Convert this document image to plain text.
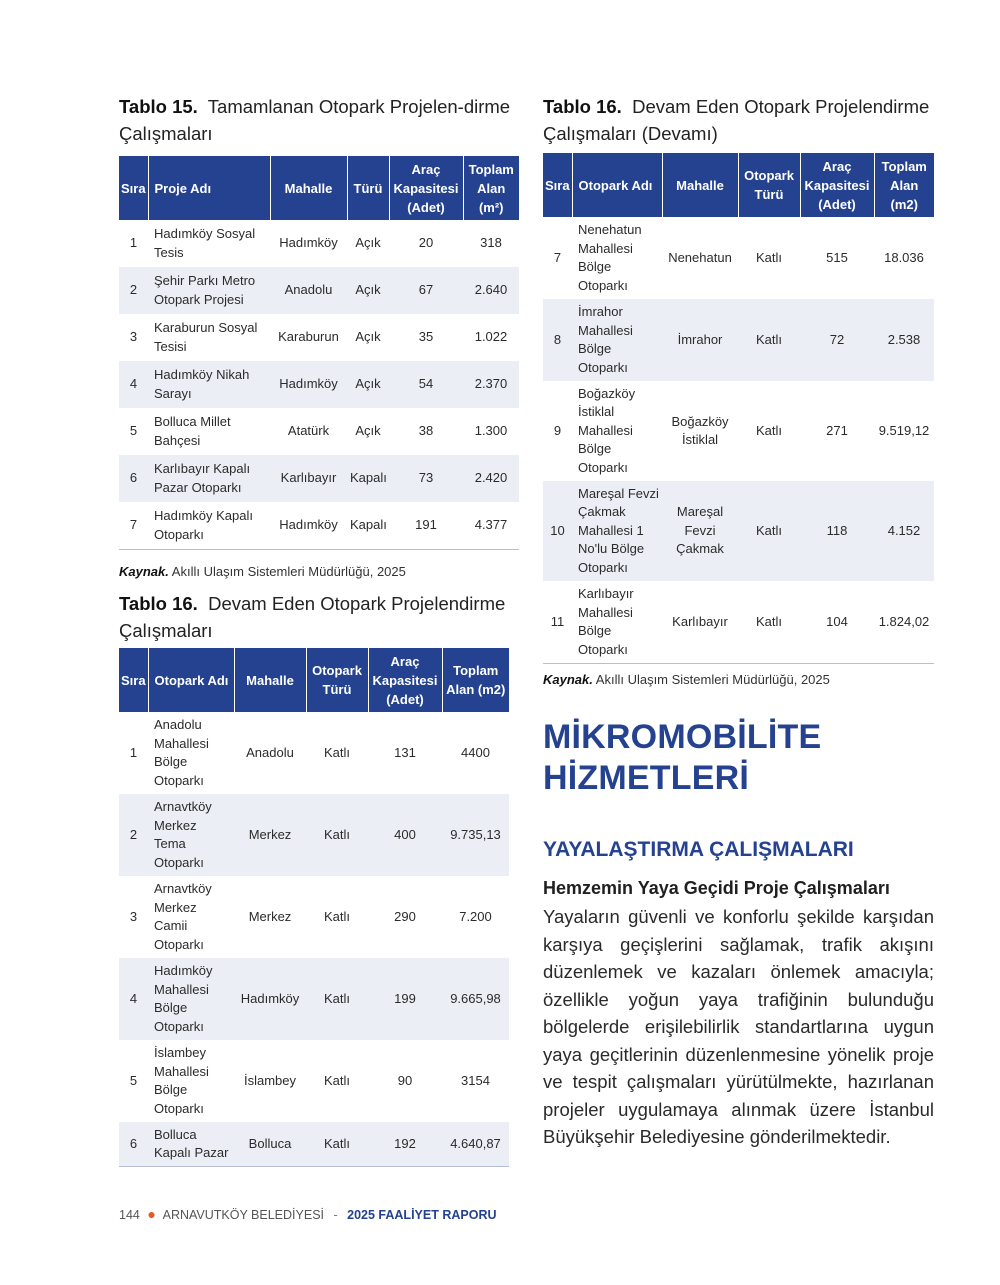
Tablo 15. Tamamlanan Otopark Projelen-dirme Çalışmaları

Sıra	Proje Adı	Mahalle	Türü	Araç Kapasitesi (Adet)	Toplam Alan (m²)
1	Hadımköy Sosyal Tesis	Hadımköy	Açık	20	318
2	Şehir Parkı Metro Otopark Projesi	Anadolu	Açık	67	2.640
3	Karaburun Sosyal Tesisi	Karaburun	Açık	35	1.022
4	Hadımköy Nikah Sarayı	Hadımköy	Açık	54	2.370
5	Bolluca Millet Bahçesi	Atatürk	Açık	38	1.300
6	Karlıbayır Kapalı Pazar Otoparkı	Karlıbayır	Kapalı	73	2.420
7	Hadımköy Kapalı Otoparkı	Hadımköy	Kapalı	191	4.377

Kaynak. Akıllı Ulaşım Sistemleri Müdürlüğü, 2025

Tablo 16. Devam Eden Otopark Projelendirme Çalışmaları

Sıra	Otopark Adı	Mahalle	Otopark Türü	Araç Kapasitesi (Adet)	Toplam Alan (m2)
1	Anadolu Mahallesi Bölge Otoparkı	Anadolu	Katlı	131	4400
2	Arnavtköy Merkez Tema Otoparkı	Merkez	Katlı	400	9.735,13
3	Arnavtköy Merkez Camii Otoparkı	Merkez	Katlı	290	7.200
4	Hadımköy Mahallesi Bölge Otoparkı	Hadımköy	Katlı	199	9.665,98
5	İslambey Mahallesi Bölge Otoparkı	İslambey	Katlı	90	3154
6	Bolluca Kapalı Pazar	Bolluca	Katlı	192	4.640,87

Tablo 16. Devam Eden Otopark Projelendirme Çalışmaları (Devamı)

Sıra	Otopark Adı	Mahalle	Otopark Türü	Araç Kapasitesi (Adet)	Toplam Alan (m2)
7	Nenehatun Mahallesi Bölge Otoparkı	Nenehatun	Katlı	515	18.036
8	İmrahor Mahallesi Bölge Otoparkı	İmrahor	Katlı	72	2.538
9	Boğazköy İstiklal Mahallesi Bölge Otoparkı	Boğazköy İstiklal	Katlı	271	9.519,12
10	Mareşal Fevzi Çakmak Mahallesi 1 No'lu Bölge Otoparkı	Mareşal Fevzi Çakmak	Katlı	118	4.152
11	Karlıbayır Mahallesi Bölge Otoparkı	Karlıbayır	Katlı	104	1.824,02

Kaynak. Akıllı Ulaşım Sistemleri Müdürlüğü, 2025

MİKROMOBİLİTE
HİZMETLERİ
YAYALAŞTIRMA ÇALIŞMALARI
Hemzemin Yaya Geçidi Proje Çalışmaları

Yayaların güvenli ve konforlu şekilde karşıdan karşıya geçişlerini sağlamak, trafik akışını düzenlemek ve kazaları önlemek amacıyla; özellikle yoğun yaya trafiğinin bulunduğu bölgelerde erişilebilirlik standartlarına uygun yaya geçitlerinin düzenlenmesine yönelik proje ve tespit çalışmaları yürütülmekte, hazırlanan projeler uygulamaya alınmak üzere İstanbul Büyükşehir Belediyesine gönderilmektedir.

144 ● ARNAVUTKÖY BELEDİYESİ - 2025 FAALİYET RAPORU
